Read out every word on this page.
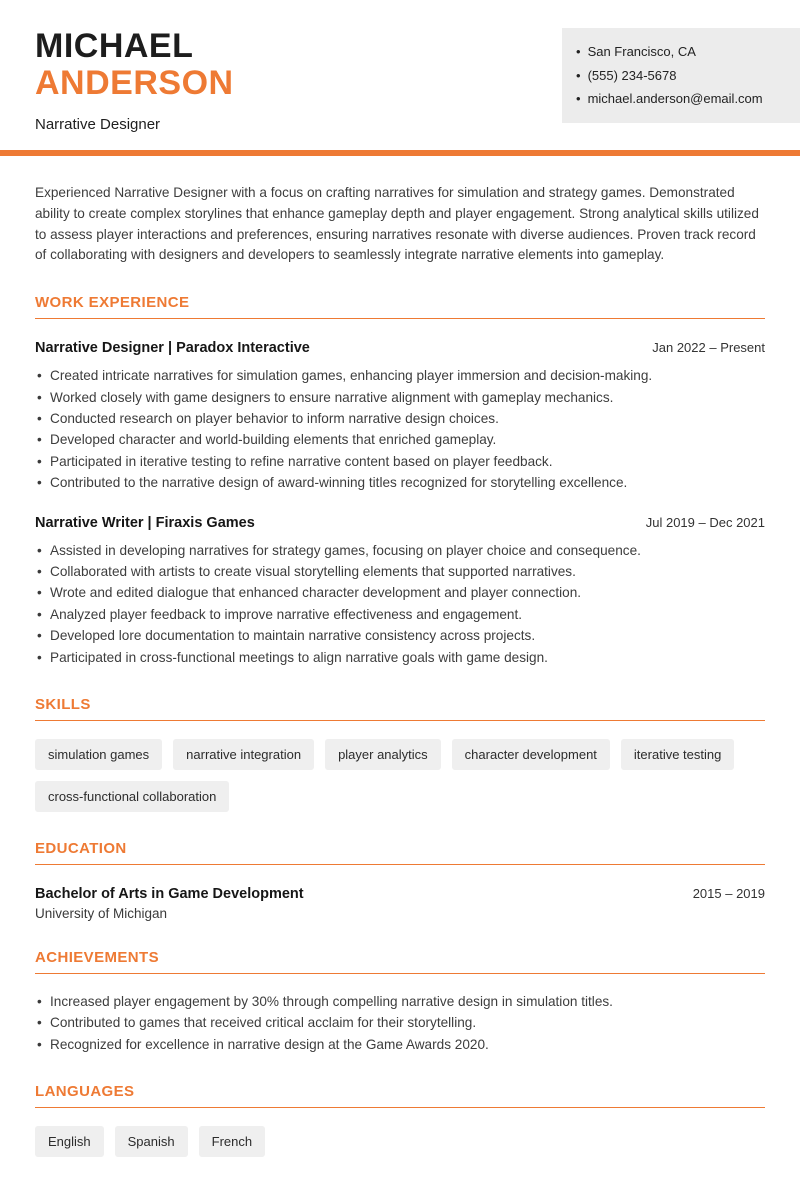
MICHAEL
ANDERSON
Narrative Designer
• San Francisco, CA
• (555) 234-5678
• michael.anderson@email.com

Experienced Narrative Designer with a focus on crafting narratives for simulation and strategy games. Demonstrated ability to create complex storylines that enhance gameplay depth and player engagement. Strong analytical skills utilized to assess player interactions and preferences, ensuring narratives resonate with diverse audiences. Proven track record of collaborating with designers and developers to seamlessly integrate narrative elements into gameplay.

WORK EXPERIENCE
Narrative Designer | Paradox Interactive	Jan 2022 – Present
• Created intricate narratives for simulation games, enhancing player immersion and decision-making.
• Worked closely with game designers to ensure narrative alignment with gameplay mechanics.
• Conducted research on player behavior to inform narrative design choices.
• Developed character and world-building elements that enriched gameplay.
• Participated in iterative testing to refine narrative content based on player feedback.
• Contributed to the narrative design of award-winning titles recognized for storytelling excellence.
Narrative Writer | Firaxis Games	Jul 2019 – Dec 2021
• Assisted in developing narratives for strategy games, focusing on player choice and consequence.
• Collaborated with artists to create visual storytelling elements that supported narratives.
• Wrote and edited dialogue that enhanced character development and player connection.
• Analyzed player feedback to improve narrative effectiveness and engagement.
• Developed lore documentation to maintain narrative consistency across projects.
• Participated in cross-functional meetings to align narrative goals with game design.
SKILLS
simulation games	narrative integration	player analytics	character development	iterative testing
cross-functional collaboration
EDUCATION
Bachelor of Arts in Game Development	2015 – 2019
University of Michigan
ACHIEVEMENTS
• Increased player engagement by 30% through compelling narrative design in simulation titles.
• Contributed to games that received critical acclaim for their storytelling.
• Recognized for excellence in narrative design at the Game Awards 2020.
LANGUAGES
English	Spanish	French
